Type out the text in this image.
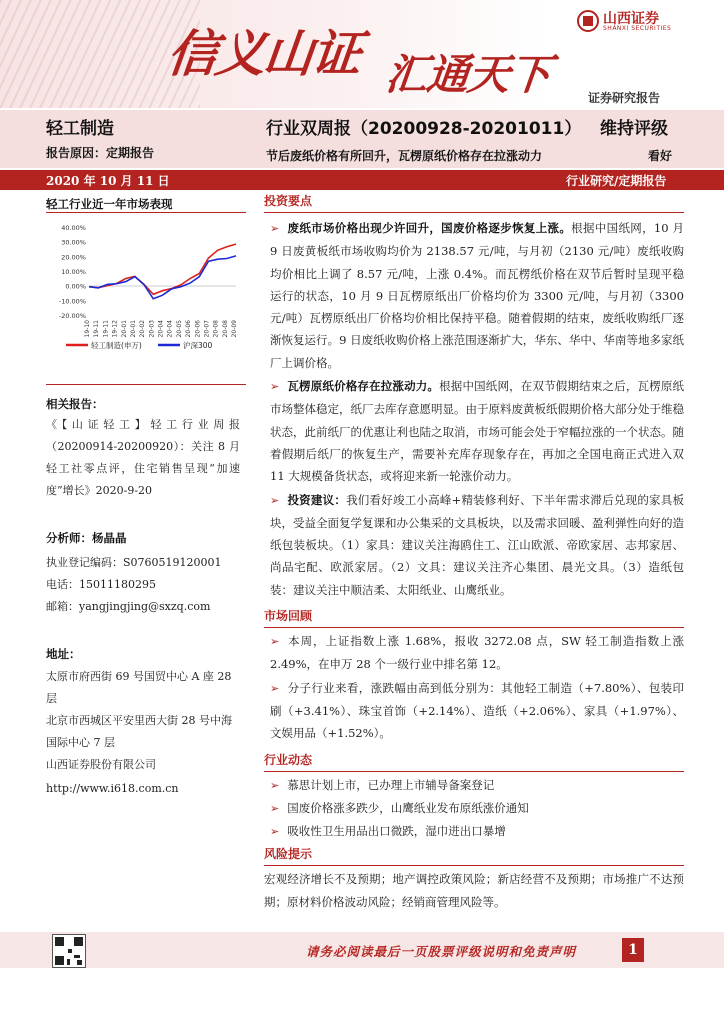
信义山证 汇通天下
山西证券
SHANXI SECURITIES
证券研究报告
轻工制造
报告原因：定期报告
行业双周报（20200928-20201011） 维持评级
节后废纸价格有所回升，瓦楞原纸价格存在拉涨动力	看好
2020 年 10 月 11 日	行业研究/定期报告
轻工行业近一年市场表现
40.00%
30.00%
20.00%
10.00%
0.00%
-10.00%
-20.00%
19-10 19-11 19-11 19-12 20-01 20-01 20-02 20-03 20-04 20-04 20-05 20-06 20-06 20-07 20-08 20-08 20-09
轻工制造(申万)	沪深300
相关报告：
《【山证轻工】轻工行业周报（20200914-20200920）：关注 8 月轻工社零点评，住宅销售呈现“加速度”增长》2020-9-20
分析师：杨晶晶
执业登记编码：S0760519120001
电话：15011180295
邮箱：yangjingjing@sxzq.com
地址：
太原市府西街 69 号国贸中心 A 座 28 层
北京市西城区平安里西大街 28 号中海国际中心 7 层
山西证券股份有限公司
http://www.i618.com.cn
投资要点
➢ 废纸市场价格出现少许回升，国废价格逐步恢复上涨。根据中国纸网，10 月 9 日废黄板纸市场收购均价为 2138.57 元/吨，与月初（2130 元/吨）废纸收购均价相比上调了 8.57 元/吨，上涨 0.4%。而瓦楞纸价格在双节后暂时呈现平稳运行的状态，10 月 9 日瓦楞原纸出厂价格均价为 3300 元/吨，与月初（3300 元/吨）瓦楞原纸出厂价格均价相比保持平稳。随着假期的结束，废纸收购纸厂逐渐恢复运行。9 日废纸收购价格上涨范围逐渐扩大，华东、华中、华南等地多家纸厂上调价格。
➢ 瓦楞原纸价格存在拉涨动力。根据中国纸网，在双节假期结束之后，瓦楞原纸市场整体稳定，纸厂去库存意愿明显。由于原料废黄板纸假期价格大部分处于维稳状态，此前纸厂的优惠让利也陆之取消，市场可能会处于窄幅拉涨的一个状态。随着假期后纸厂的恢复生产，需要补充库存现象存在，再加之全国电商正式进入双 11 大规模备货状态，或将迎来新一轮涨价动力。
➢ 投资建议：我们看好竣工小高峰+精装修利好、下半年需求滞后兑现的家具板块，受益全面复学复课和办公集采的文具板块，以及需求回暖、盈利弹性向好的造纸包装板块。（1）家具：建议关注海鸥住工、江山欧派、帝欧家居、志邦家居、尚品宅配、欧派家居。（2）文具：建议关注齐心集团、晨光文具。（3）造纸包装：建议关注中顺洁柔、太阳纸业、山鹰纸业。
市场回顾
➢ 本周，上证指数上涨 1.68%，报收 3272.08 点，SW 轻工制造指数上涨 2.49%，在申万 28 个一级行业中排名第 12。
➢ 分子行业来看，涨跌幅由高到低分别为：其他轻工制造（+7.80%）、包装印刷（+3.41%）、珠宝首饰（+2.14%）、造纸（+2.06%）、家具（+1.97%）、文娱用品（+1.52%）。
行业动态
➢ 慕思计划上市，已办理上市辅导备案登记
➢ 国废价格涨多跌少，山鹰纸业发布原纸涨价通知
➢ 吸收性卫生用品出口微跌，湿巾进出口暴增
风险提示
宏观经济增长不及预期；地产调控政策风险；新店经营不及预期；市场推广不达预期；原材料价格波动风险；经销商管理风险等。
请务必阅读最后一页股票评级说明和免责声明	1
